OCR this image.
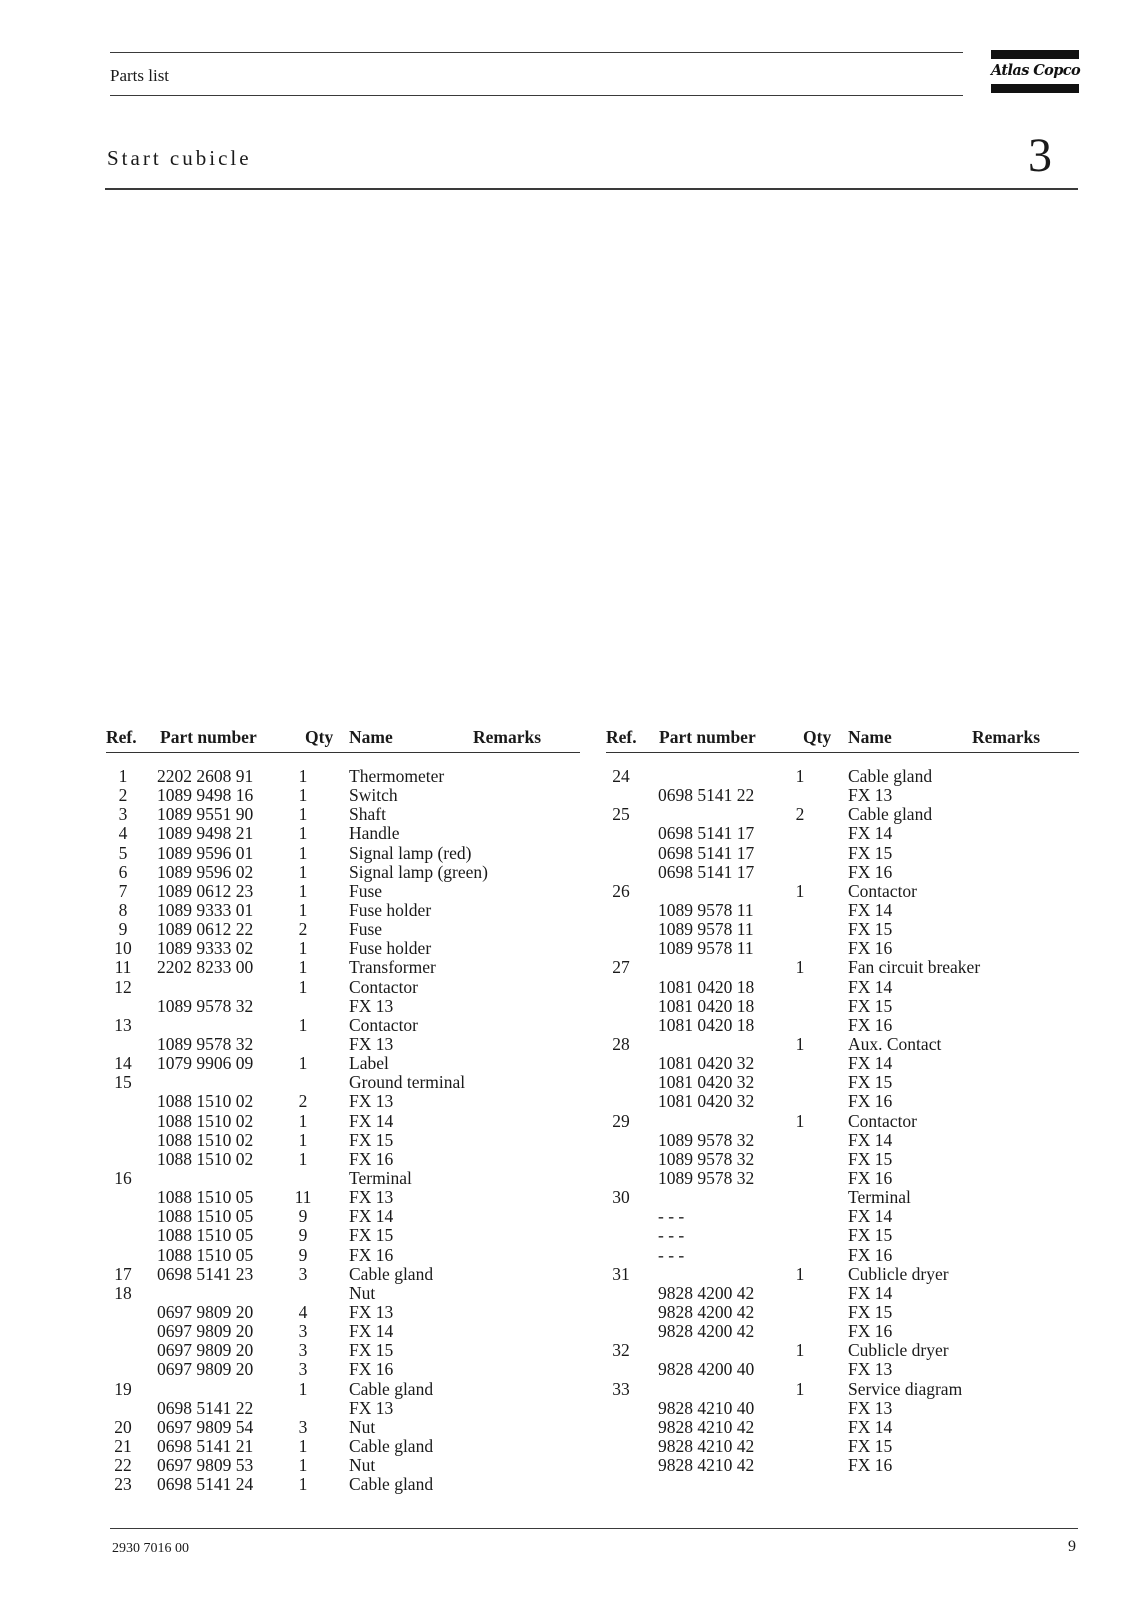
Parts list	Atlas Copco
Start cubicle	3
Ref. Part number	Qty Name	Remarks
1	2202 2608 91	1 Thermometer
2	1089 9498 16	1 Switch
3	1089 9551 90	1 Shaft
4	1089 9498 21	1 Handle
5	1089 9596 01	1 Signal lamp (red)
6	1089 9596 02	1 Signal lamp (green)
7	1089 0612 23	1 Fuse
8	1089 9333 01	1 Fuse holder
9	1089 0612 22	2 Fuse
10	1089 9333 02	1 Fuse holder
11	2202 8233 00	1 Transformer
12	1 Contactor
1089 9578 32	FX 13
13	1 Contactor
1089 9578 32	FX 13
14	1079 9906 09	1 Label
15	Ground terminal
1088 1510 02	2 FX 13
1088 1510 02	1 FX 14
1088 1510 02	1 FX 15
1088 1510 02	1 FX 16
16	Terminal
1088 1510 05 11 FX 13
1088 1510 05	9 FX 14
1088 1510 05	9 FX 15
1088 1510 05	9 FX 16
17	0698 5141 23	3 Cable gland
18	Nut
0697 9809 20	4 FX 13
0697 9809 20	3 FX 14
0697 9809 20	3 FX 15
0697 9809 20	3 FX 16
19	1 Cable gland
0698 5141 22	FX 13
20	0697 9809 54	3 Nut
21	0698 5141 21	1 Cable gland
22	0697 9809 53	1 Nut
23	0698 5141 24	1 Cable gland
Ref. Part number	Qty Name	Remarks
24	1 Cable gland
0698 5141 22	FX 13
25	2 Cable gland
0698 5141 17	FX 14
0698 5141 17	FX 15
0698 5141 17	FX 16
26	1 Contactor
1089 9578 11	FX 14
1089 9578 11	FX 15
1089 9578 11	FX 16
27	1 Fan circuit breaker
1081 0420 18	FX 14
1081 0420 18	FX 15
1081 0420 18	FX 16
28	1 Aux. Contact
1081 0420 32	FX 14
1081 0420 32	FX 15
1081 0420 32	FX 16
29	1 Contactor
1089 9578 32	FX 14
1089 9578 32	FX 15
1089 9578 32	FX 16
30	Terminal
- - -	FX 14
- - -	FX 15
- - -	FX 16
31	1 Cublicle dryer
9828 4200 42	FX 14
9828 4200 42	FX 15
9828 4200 42	FX 16
32	1 Cublicle dryer
9828 4200 40	FX 13
33	1 Service diagram
9828 4210 40	FX 13
9828 4210 42	FX 14
9828 4210 42	FX 15
9828 4210 42	FX 16
2930 7016 00	9
